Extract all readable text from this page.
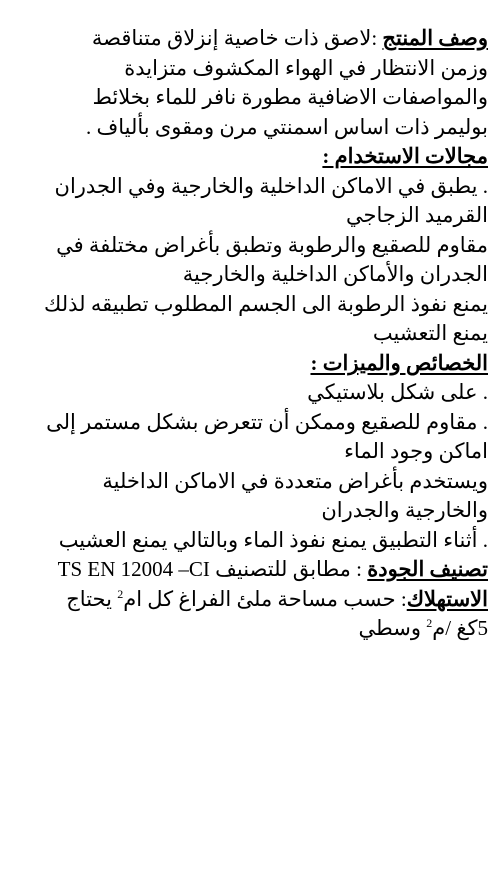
وصف المنتج :لاصق ذات خاصية إنزلاق متناقصة
وزمن الانتظار في الهواء المكشوف متزايدة
والمواصفات الاضافية مطورة نافر للماء بخلائط
بوليمر ذات اساس اسمنتي مرن ومقوى بألياف .
مجالات الاستخدام :
. يطبق في الاماكن الداخلية والخارجية وفي الجدران
القرميد الزجاجي
مقاوم للصقيع والرطوبة وتطبق بأغراض مختلفة في
الجدران والأماكن الداخلية والخارجية
يمنع نفوذ الرطوبة الى الجسم المطلوب تطبيقه لذلك
يمنع التعشيب
الخصائص والميزات :
. على شكل بلاستيكي
. مقاوم للصقيع وممكن أن تتعرض بشكل مستمر إلى
اماكن وجود الماء
ويستخدم بأغراض متعددة في الاماكن الداخلية
والخارجية والجدران
. أثناء التطبيق يمنع نفوذ الماء وبالتالي يمنع العشيب
تصنيف الجودة : مطابق للتصنيف TS EN 12004 –CI
الاستهلاك: حسب مساحة ملئ الفراغ كل ام$^2$ يحتاج
5كغ /م$^2$ وسطي
